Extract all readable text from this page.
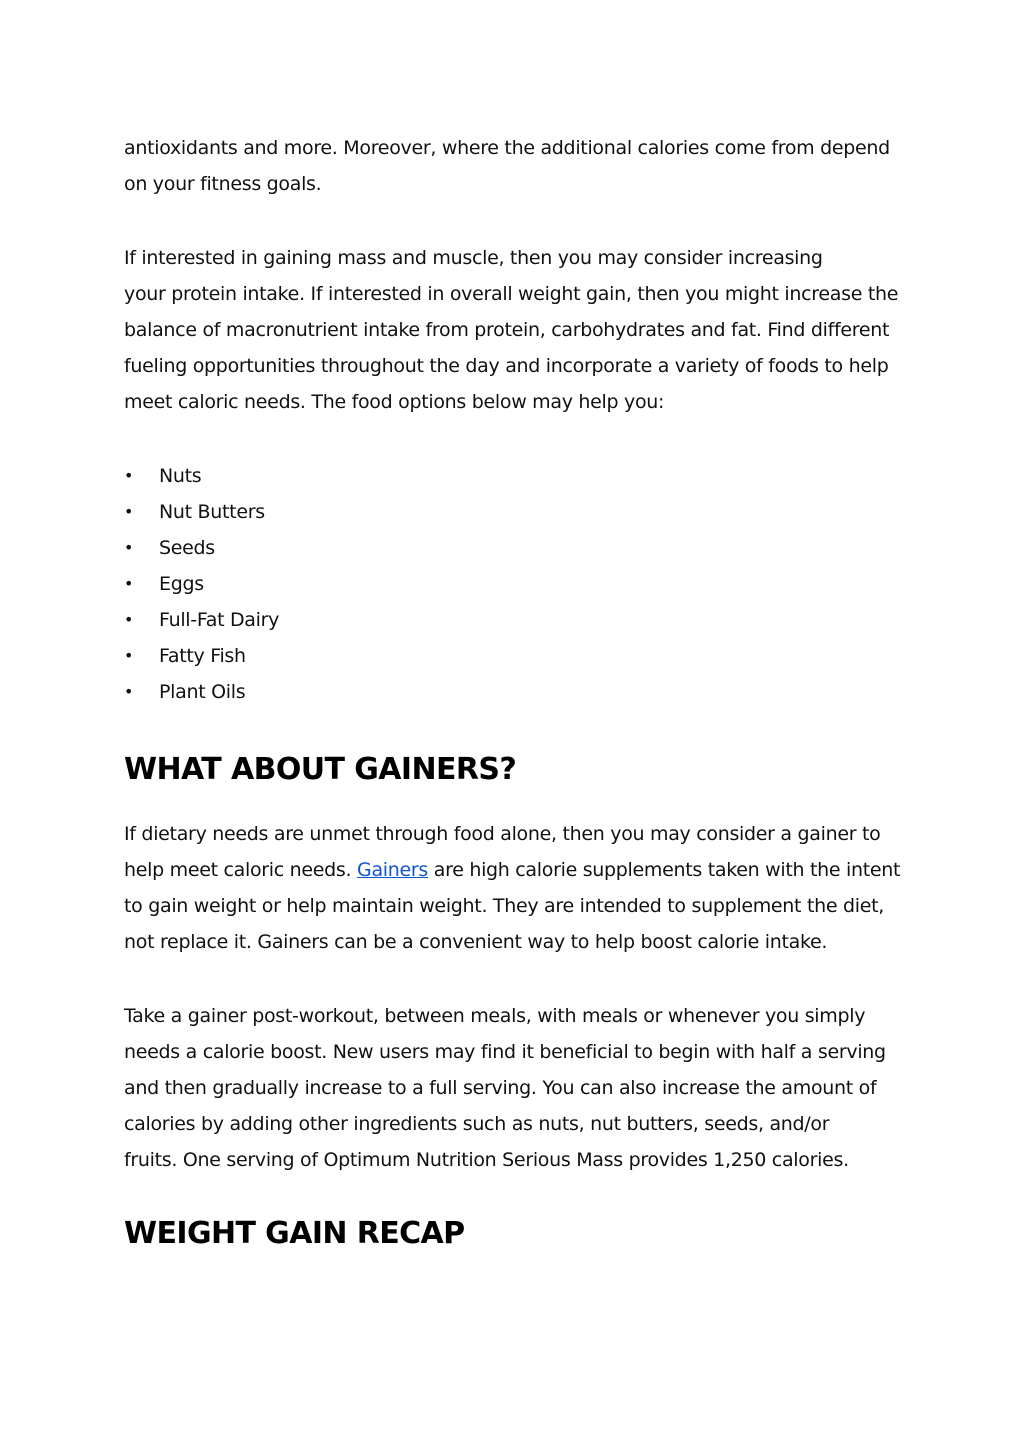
antioxidants and more. Moreover, where the additional calories come from depend
on your fitness goals.

If interested in gaining mass and muscle, then you may consider increasing
your protein intake. If interested in overall weight gain, then you might increase the
balance of macronutrient intake from protein, carbohydrates and fat. Find different
fueling opportunities throughout the day and incorporate a variety of foods to help
meet caloric needs. The food options below may help you:

• Nuts
• Nut Butters
• Seeds
• Eggs
• Full-Fat Dairy
• Fatty Fish
• Plant Oils
WHAT ABOUT GAINERS?

If dietary needs are unmet through food alone, then you may consider a gainer to
help meet caloric needs. Gainers are high calorie supplements taken with the intent
to gain weight or help maintain weight. They are intended to supplement the diet,
not replace it. Gainers can be a convenient way to help boost calorie intake.

Take a gainer post-workout, between meals, with meals or whenever you simply
needs a calorie boost. New users may find it beneficial to begin with half a serving
and then gradually increase to a full serving. You can also increase the amount of
calories by adding other ingredients such as nuts, nut butters, seeds, and/or
fruits. One serving of Optimum Nutrition Serious Mass provides 1,250 calories.

WEIGHT GAIN RECAP
